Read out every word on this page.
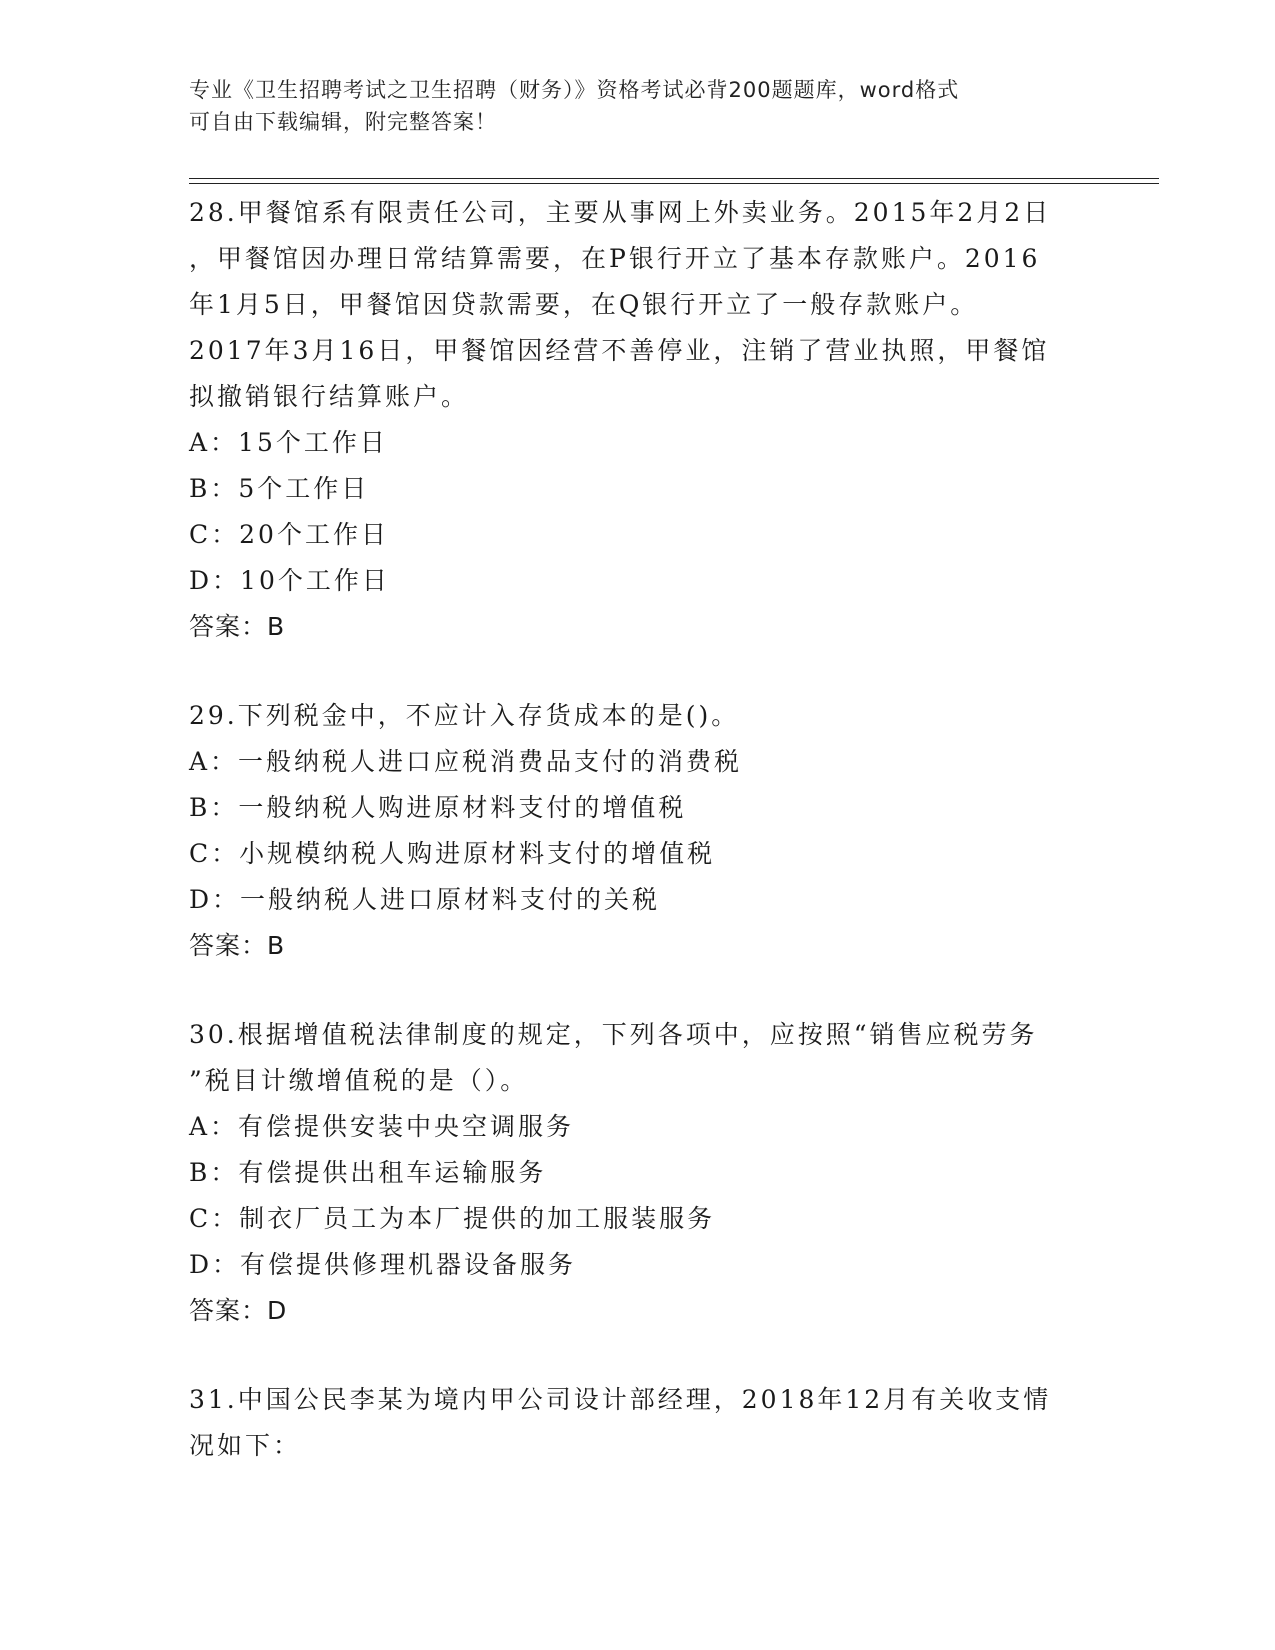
专业《卫生招聘考试之卫生招聘（财务）》资格考试必背200题题库，word格式
可自由下载编辑，附完整答案！
28.甲餐馆系有限责任公司，主要从事网上外卖业务。2015年2月2日
，甲餐馆因办理日常结算需要，在P银行开立了基本存款账户。2016
年1月5日，甲餐馆因贷款需要，在Q银行开立了一般存款账户。
2017年3月16日，甲餐馆因经营不善停业，注销了营业执照，甲餐馆
拟撤销银行结算账户。
A：15个工作日
B：5个工作日
C：20个工作日
D：10个工作日
答案：B
29.下列税金中，不应计入存货成本的是()。
A：一般纳税人进口应税消费品支付的消费税
B：一般纳税人购进原材料支付的增值税
C：小规模纳税人购进原材料支付的增值税
D：一般纳税人进口原材料支付的关税
答案：B
30.根据增值税法律制度的规定，下列各项中，应按照“销售应税劳务
”税目计缴增值税的是（）。
A：有偿提供安装中央空调服务
B：有偿提供出租车运输服务
C：制衣厂员工为本厂提供的加工服装服务
D：有偿提供修理机器设备服务
答案：D
31.中国公民李某为境内甲公司设计部经理，2018年12月有关收支情
况如下：
